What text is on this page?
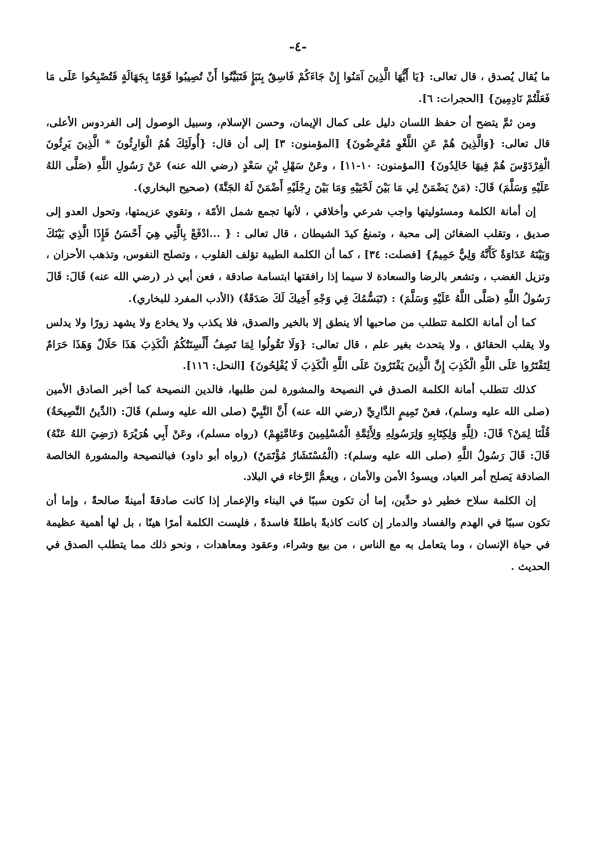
-٤-

ما يُقال يُصدق ، قال تعالى: {يَا أَيُّهَا الَّذِينَ آمَنُوا إِنْ جَاءَكُمْ فَاسِقٌ بِنَبَإٍ فَتَبَيَّنُوا أَنْ تُصِيبُوا قَوْمًا بِجَهَالَةٍ فَتُصْبِحُوا عَلَى مَا فَعَلْتُمْ نَادِمِينَ} [الحجرات: ٦].

ومن ثمَّ يتضح أن حفظ اللسان دليل على كمال الإيمان، وحسن الإسلام، وسبيل الوصول إلى الفردوس الأعلى، قال تعالى: {وَالَّذِينَ هُمْ عَنِ اللَّغْوِ مُعْرِضُونَ} [المؤمنون: ٣] إلى أن قال: {أُولَئِكَ هُمُ الْوَارِثُونَ * الَّذِينَ يَرِثُونَ الْفِرْدَوْسَ هُمْ فِيهَا خَالِدُونَ} [المؤمنون: ١٠-١١] ، وعَنْ سَهْلِ بْنِ سَعْدٍ (رضي الله عنه) عَنْ رَسُولِ اللَّهِ (صَلَّى اللهُ عَلَيْهِ وَسَلَّمَ) قَالَ: (مَنْ يَضْمَنْ لِي مَا بَيْنَ لَحْيَيْهِ وَمَا بَيْنَ رِجْلَيْهِ أَضْمَنْ لَهُ الجَنَّةَ) (صحيح البخاري).

إن أمانة الكلمة ومسئوليتها واجب شرعي وأخلاقي ، لأنها تجمع شمل الأمّة ، وتقوي عزيمتها، وتحول العدو إلى صديق ، وتقلب الضغائن إلى محبة ، وتمنعُ كيدَ الشيطان ، قال تعالى : { ...ادْفَعْ بِالَّتِي هِيَ أَحْسَنُ فَإِذَا الَّذِي بَيْنَكَ وَبَيْنَهُ عَدَاوَةٌ كَأَنَّهُ وَلِيٌّ حَمِيمٌ} [فصلت: ٣٤] ، كما أن الكلمة الطيبة تؤلف القلوب ، وتصلح النفوس، وتذهب الأحزان ، وتزيل الغضب ، وتشعر بالرضا والسعادة لا سيما إذا رافقتها ابتسامة صادقة ، فعن أبي ذر (رضي الله عنه) قَالَ: قَالَ رَسُولُ اللَّهِ (صَلَّى اللَّهُ عَلَيْهِ وَسَلَّمَ) : (تَبَسُّمُكَ فِي وَجْهِ أَخِيكَ لَكَ صَدَقَةٌ) (الأدب المفرد للبخاري).

كما أن أمانة الكلمة تتطلب من صاحبها ألا ينطق إلا بالخير والصدق، فلا يكذب ولا يخادع ولا يشهد زورًا ولا يدلس ولا يقلب الحقائق ، ولا يتحدث بغير علم ، قال تعالى: {وَلَا تَقُولُوا لِمَا تَصِفُ أَلْسِنَتُكُمُ الْكَذِبَ هَذَا حَلَالٌ وَهَذَا حَرَامٌ لِتَفْتَرُوا عَلَى اللَّهِ الْكَذِبَ إِنَّ الَّذِينَ يَفْتَرُونَ عَلَى اللَّهِ الْكَذِبَ لَا يُفْلِحُونَ} [النحل: ١١٦].

كذلك تتطلب أمانة الكلمة الصدق في النصيحة والمشورة لمن طلبها، فالدين النصيحة كما أخبر الصادق الأمين (صلى الله عليه وسلم)، فعنْ تَمِيمٍ الدَّارِيِّ (رضي الله عنه) أَنَّ النَّبِيَّ (صلى الله عليه وسلم) قَالَ: (الدِّينُ النَّصِيحَةُ) قُلْنَا لِمَنْ؟ قَالَ: (لِلَّهِ وَلِكِتَابِهِ وَلِرَسُولِهِ وَلِأَئِمَّةِ الْمُسْلِمِينَ وَعَامَّتِهِمْ) (رواه مسلم)، وعَنْ أَبِي هُرَيْرَةَ (رَضِيَ اللهُ عَنْهُ) قَالَ: قَالَ رَسُولُ اللَّهِ (صلى الله عليه وسلم): (الْمُسْتَشَارُ مُؤْتَمَنٌ) (رواه أبو داود) فبالنصيحة والمشورة الخالصة الصادقة يَصلح أمر العباد، ويسودُ الأمن والأمان ، ويعمُّ الرَّخاء في البلاد.

إن الكلمة سلاح خطير ذو حدَّين، إما أن تكون سببًا في البناء والإعمار إذا كانت صادقةً أمينةً صالحةً ، وإما أن تكون سببًا في الهدم والفساد والدمار إن كانت كاذبةً باطلةً فاسدةً ، فليست الكلمة أمرًا هينًا ، بل لها أهمية عظيمة في حياة الإنسان ، وما يتعامل به مع الناس ، من بيع وشراء، وعقود ومعاهدات ، ونحو ذلك مما يتطلب الصدق في الحديث .
